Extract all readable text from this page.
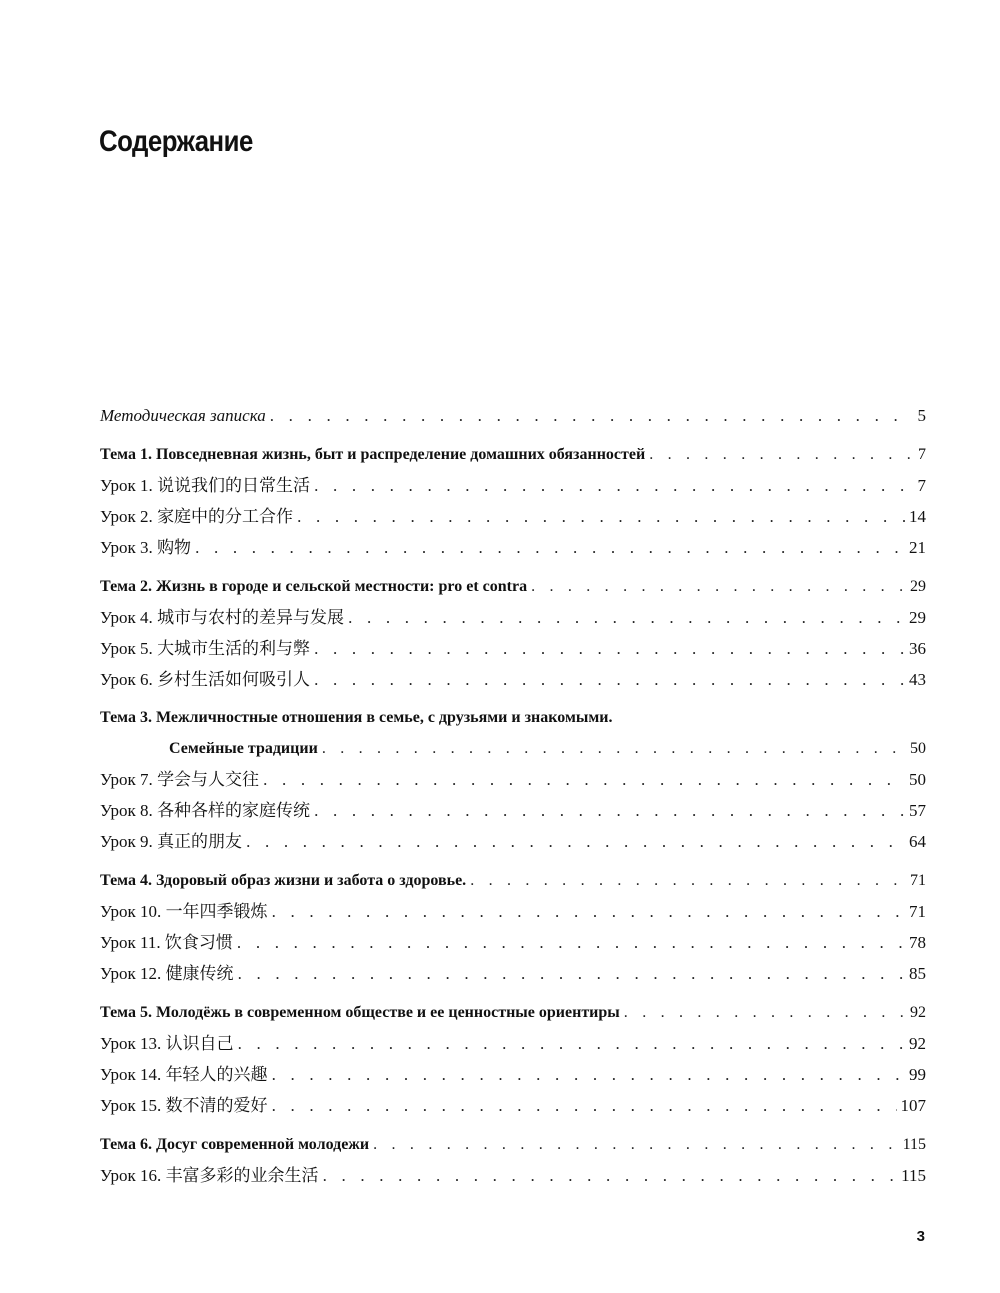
Содержание
Методическая записка . . .	5
Тема 1. Повседневная жизнь, быт и распределение домашних обязанностей . . .	7
Урок 1. 说说我们的日常生活 . . .	7
Урок 2. 家庭中的分工合作 . . .	14
Урок 3. 购物 . . .	21
Тема 2. Жизнь в городе и сельской местности: pro et contra . . .	29
Урок 4. 城市与农村的差异与发展 . . .	29
Урок 5. 大城市生活的利与弊 . . .	36
Урок 6. 乡村生活如何吸引人 . . .	43
Тема 3. Межличностные отношения в семье, с друзьями и знакомыми.
Семейные традиции . . .	50
Урок 7. 学会与人交往 . . .	50
Урок 8. 各种各样的家庭传统 . . .	57
Урок 9. 真正的朋友 . . .	64
Тема 4. Здоровый образ жизни и забота о здоровье. . . .	71
Урок 10. 一年四季锻炼 . . .	71
Урок 11. 饮食习惯 . . .	78
Урок 12. 健康传统 . . .	85
Тема 5. Молодёжь в современном обществе и ее ценностные ориентиры . . .	92
Урок 13. 认识自己 . . .	92
Урок 14. 年轻人的兴趣 . . .	99
Урок 15. 数不清的爱好 . . .	107
Тема 6. Досуг современной молодежи . . .	115
Урок 16. 丰富多彩的业余生活 . . .	115
3
